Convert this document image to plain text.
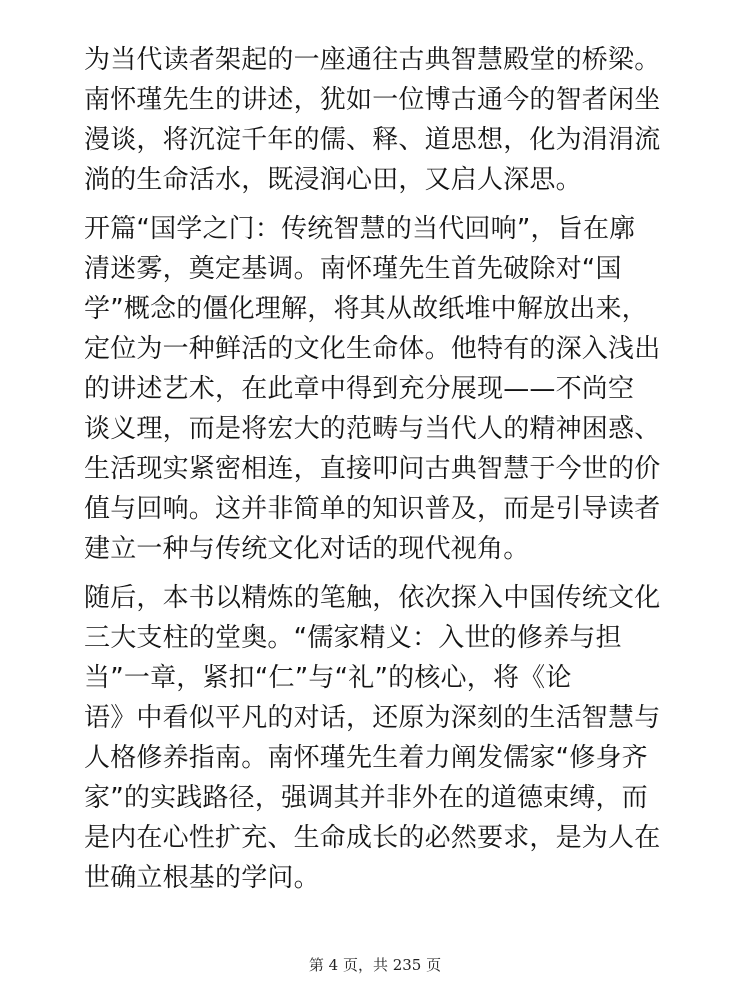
为当代读者架起的一座通往古典智慧殿堂的桥梁。
南怀瑾先生的讲述，犹如一位博古通今的智者闲坐
漫谈，将沉淀千年的儒、释、道思想，化为涓涓流
淌的生命活水，既浸润心田，又启人深思。

开篇“国学之门：传统智慧的当代回响”，旨在廓
清迷雾，奠定基调。南怀瑾先生首先破除对“国
学”概念的僵化理解，将其从故纸堆中解放出来，
定位为一种鲜活的文化生命体。他特有的深入浅出
的讲述艺术，在此章中得到充分展现——不尚空
谈义理，而是将宏大的范畴与当代人的精神困惑、
生活现实紧密相连，直接叩问古典智慧于今世的价
值与回响。这并非简单的知识普及，而是引导读者
建立一种与传统文化对话的现代视角。

随后，本书以精炼的笔触，依次探入中国传统文化
三大支柱的堂奥。“儒家精义：入世的修养与担
当”一章，紧扣“仁”与“礼”的核心，将《论
语》中看似平凡的对话，还原为深刻的生活智慧与
人格修养指南。南怀瑾先生着力阐发儒家“修身齐
家”的实践路径，强调其并非外在的道德束缚，而
是内在心性扩充、生命成长的必然要求，是为人在
世确立根基的学问。

第 4 页，共 235 页
